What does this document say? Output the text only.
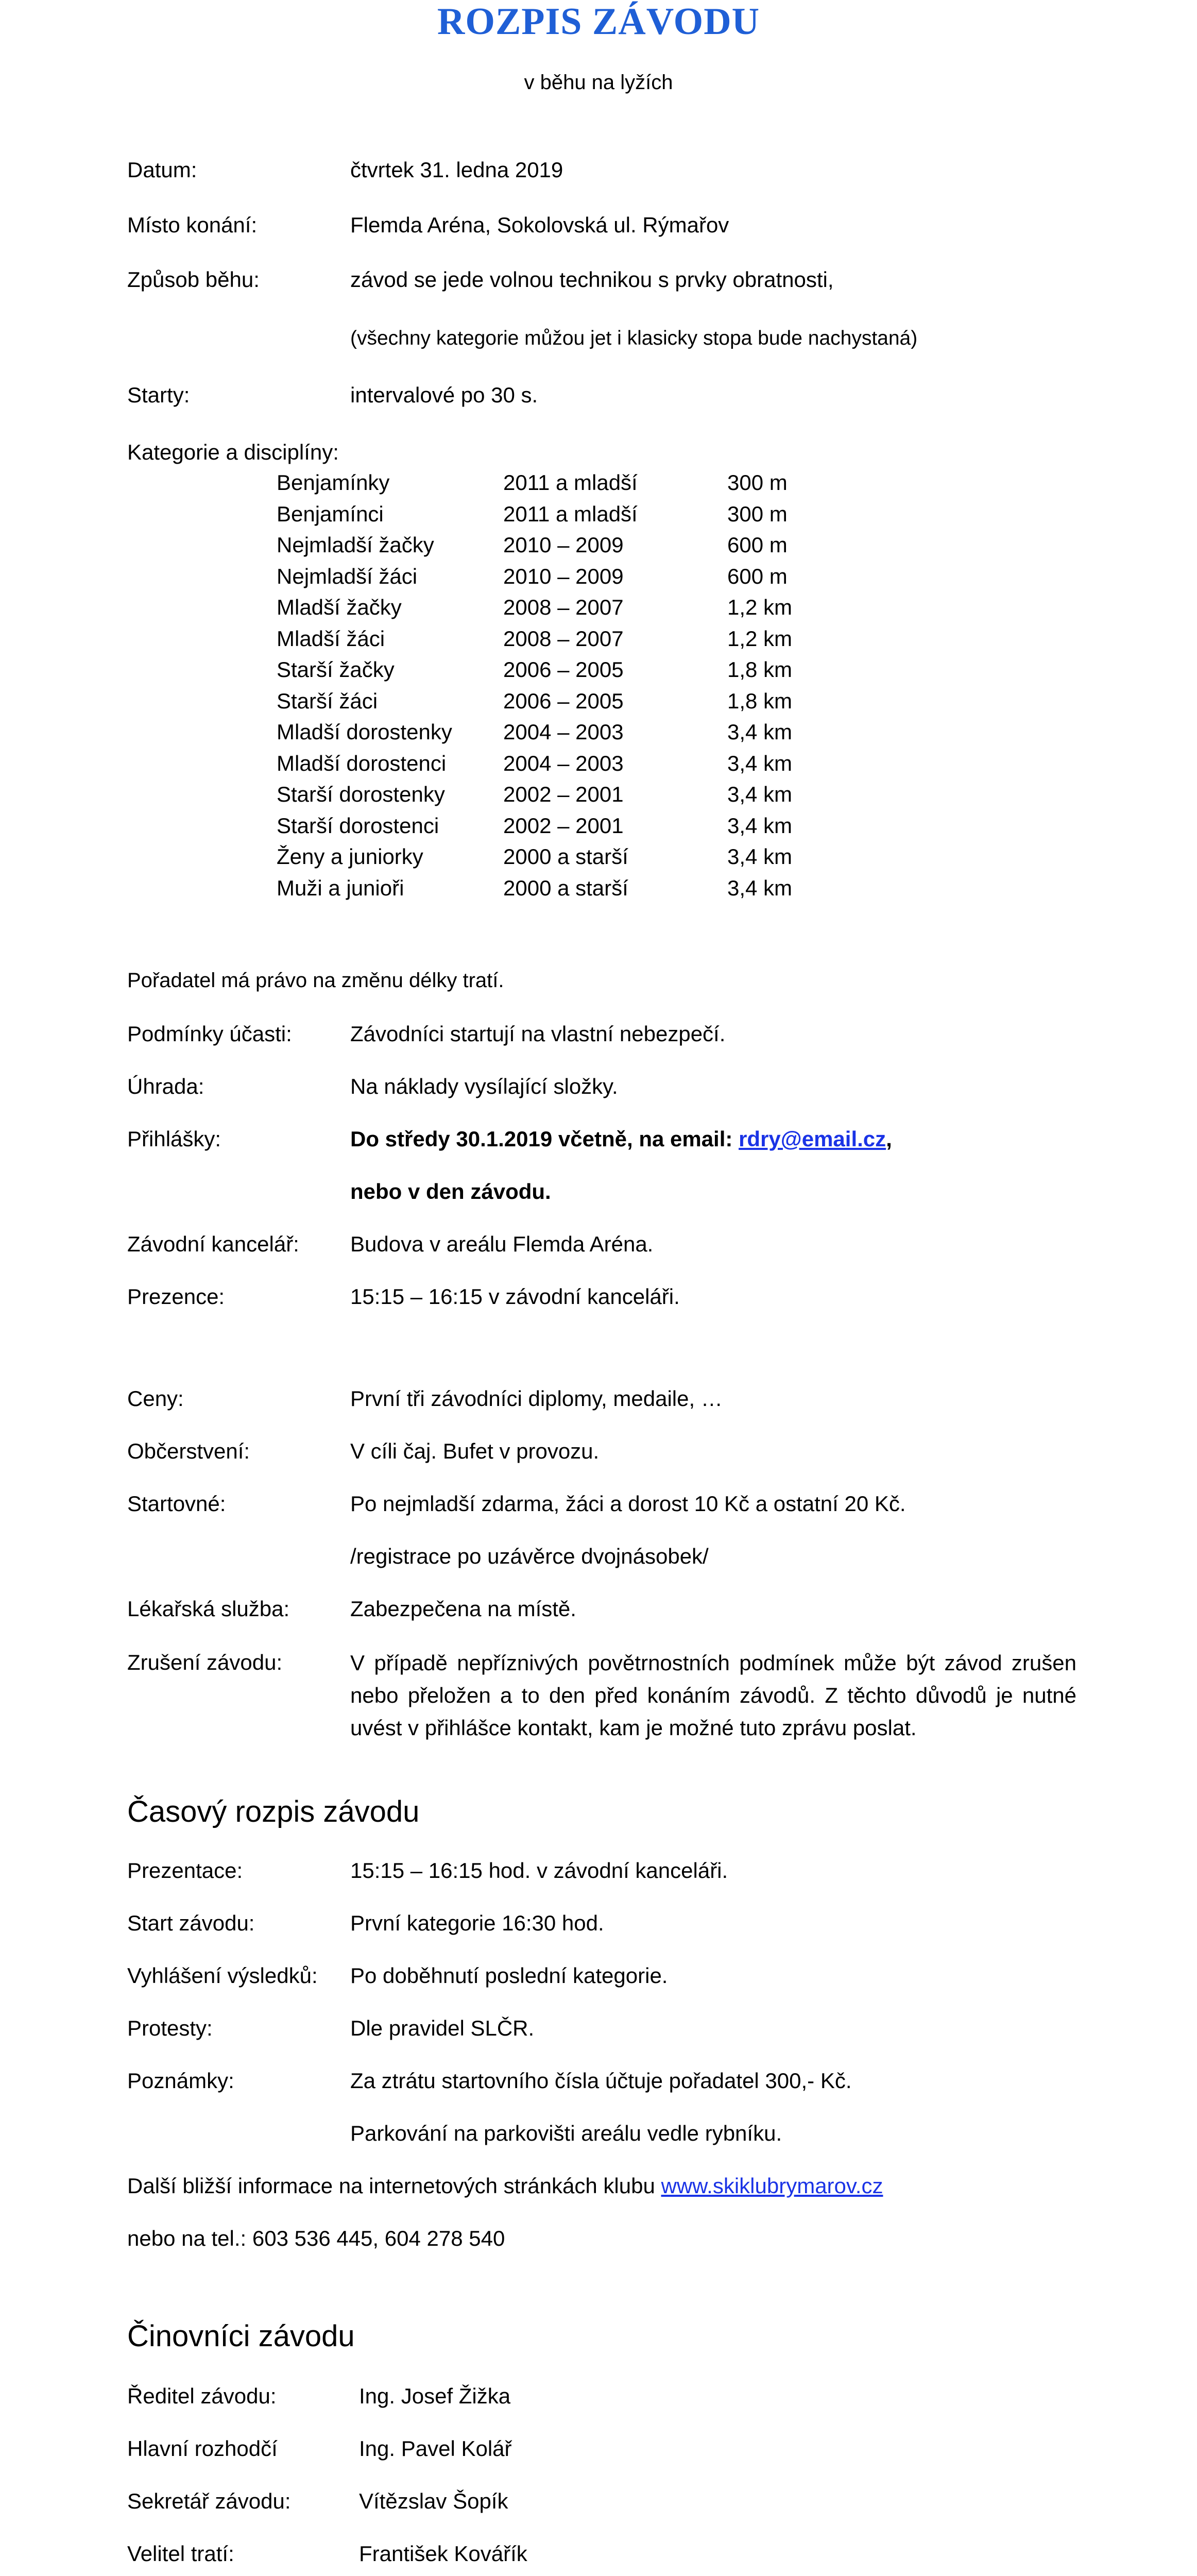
ROZPIS ZÁVODU
v běhu na lyžích
Datum:	čtvrtek 31. ledna 2019
Místo konání:	Flemda Aréna, Sokolovská ul. Rýmařov
Způsob běhu:	závod se jede volnou technikou s prvky obratnosti,
(všechny kategorie můžou jet i klasicky stopa bude nachystaná)
Starty:	intervalové po 30 s.
Kategorie a disciplíny:
Benjamínky	2011 a mladší	300 m
Benjamínci	2011 a mladší	300 m
Nejmladší žačky	2010 – 2009	600 m
Nejmladší žáci	2010 – 2009	600 m
Mladší žačky	2008 – 2007	1,2 km
Mladší žáci	2008 – 2007	1,2 km
Starší žačky	2006 – 2005	1,8 km
Starší žáci	2006 – 2005	1,8 km
Mladší dorostenky 2004 – 2003	3,4 km
Mladší dorostenci	2004 – 2003	3,4 km
Starší dorostenky	2002 – 2001	3,4 km
Starší dorostenci	2002 – 2001	3,4 km
Ženy a juniorky	2000 a starší	3,4 km
Muži a junioři	2000 a starší	3,4 km
Pořadatel má právo na změnu délky tratí.
Podmínky účasti:	Závodníci startují na vlastní nebezpečí.
Úhrada:	Na náklady vysílající složky.
Přihlášky:	Do středy 30.1.2019 včetně, na email: rdry@email.cz,
nebo v den závodu.
Závodní kancelář: Budova v areálu Flemda Aréna.
Prezence:	15:15 – 16:15 v závodní kanceláři.
Ceny:	První tři závodníci diplomy, medaile, …
Občerstvení:	V cíli čaj. Bufet v provozu.
Startovné:	Po nejmladší zdarma, žáci a dorost 10 Kč a ostatní 20 Kč.
/registrace po uzávěrce dvojnásobek/
Lékařská služba:	Zabezpečena na místě.
Zrušení závodu:	V případě nepříznivých povětrnostních podmínek může být závod zrušen nebo přeložen a to den před konáním závodů. Z těchto důvodů je nutné uvést v přihlášce kontakt, kam je možné tuto zprávu poslat.
Časový rozpis závodu
Prezentace:	15:15 – 16:15 hod. v závodní kanceláři.
Start závodu:	První kategorie 16:30 hod.
Vyhlášení výsledků: Po doběhnutí poslední kategorie.
Protesty:	Dle pravidel SLČR.
Poznámky:	Za ztrátu startovního čísla účtuje pořadatel 300,- Kč.
Parkování na parkovišti areálu vedle rybníku.
Další bližší informace na internetových stránkách klubu www.skiklubrymarov.cz
nebo na tel.: 603 536 445, 604 278 540
Činovníci závodu
Ředitel závodu:	Ing. Josef Žižka
Hlavní rozhodčí	Ing. Pavel Kolář
Sekretář závodu:	Vítězslav Šopík
Velitel tratí:	František Kovářík
